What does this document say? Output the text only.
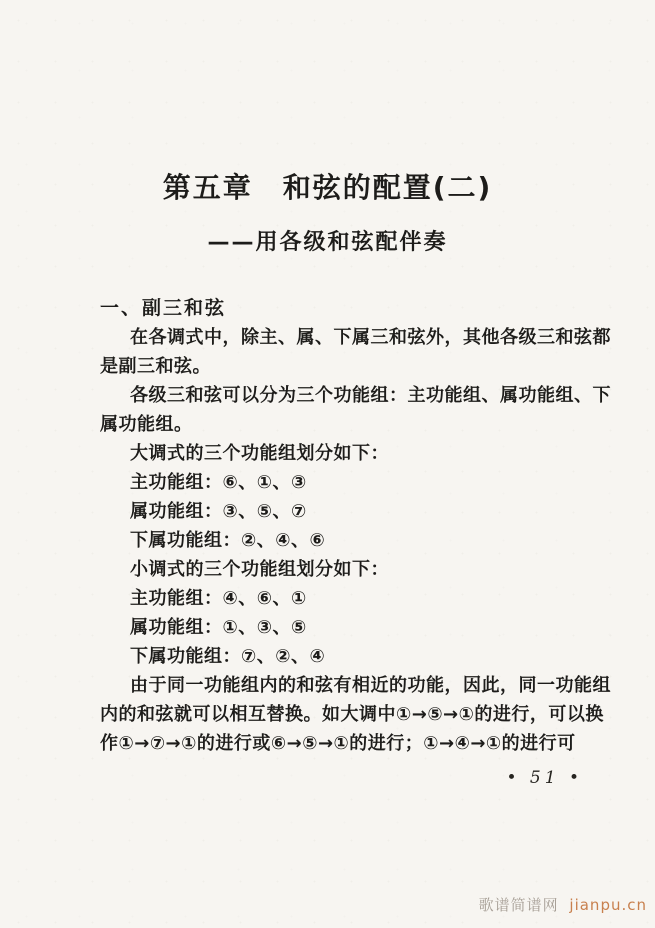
第五章　和弦的配置(二)
——用各级和弦配伴奏
一、副三和弦
在各调式中，除主、属、下属三和弦外，其他各级三和弦都
是副三和弦。
各级三和弦可以分为三个功能组：主功能组、属功能组、下
属功能组。
大调式的三个功能组划分如下：
主功能组：⑥、①、③
属功能组：③、⑤、⑦
下属功能组：②、④、⑥
小调式的三个功能组划分如下：
主功能组：④、⑥、①
属功能组：①、③、⑤
下属功能组：⑦、②、④
由于同一功能组内的和弦有相近的功能，因此，同一功能组
内的和弦就可以相互替换。如大调中①→⑤→①的进行，可以换
作①→⑦→①的进行或⑥→⑤→①的进行；①→④→①的进行可
• 51 •
歌谱简谱网 jianpu.cn
